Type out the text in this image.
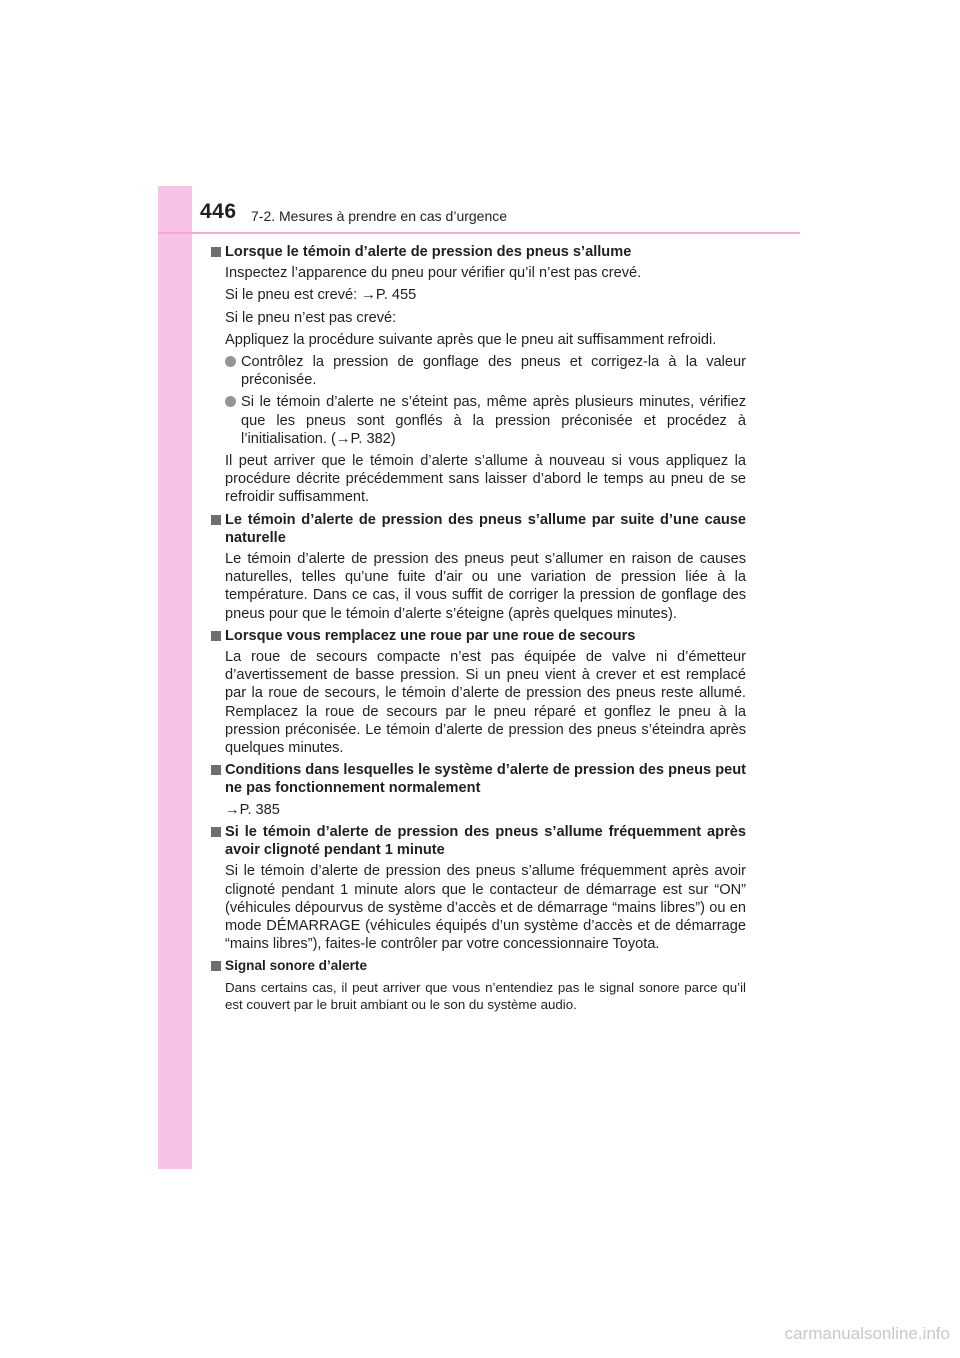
446 7-2. Mesures à prendre en cas d’urgence
Lorsque le témoin d’alerte de pression des pneus s’allume
Inspectez l’apparence du pneu pour vérifier qu’il n’est pas crevé.
Si le pneu est crevé: →P. 455
Si le pneu n’est pas crevé:
Appliquez la procédure suivante après que le pneu ait suffisamment refroidi.
Contrôlez la pression de gonflage des pneus et corrigez-la à la valeur préconisée.
Si le témoin d’alerte ne s’éteint pas, même après plusieurs minutes, vérifiez que les pneus sont gonflés à la pression préconisée et procédez à l’initialisation. (→P. 382)
Il peut arriver que le témoin d’alerte s’allume à nouveau si vous appliquez la procédure décrite précédemment sans laisser d’abord le temps au pneu de se refroidir suffisamment.
Le témoin d’alerte de pression des pneus s’allume par suite d’une cause naturelle
Le témoin d’alerte de pression des pneus peut s’allumer en raison de causes naturelles, telles qu’une fuite d’air ou une variation de pression liée à la température. Dans ce cas, il vous suffit de corriger la pression de gonflage des pneus pour que le témoin d’alerte s’éteigne (après quelques minutes).
Lorsque vous remplacez une roue par une roue de secours
La roue de secours compacte n’est pas équipée de valve ni d’émetteur d’avertissement de basse pression. Si un pneu vient à crever et est remplacé par la roue de secours, le témoin d’alerte de pression des pneus reste allumé. Remplacez la roue de secours par le pneu réparé et gonflez le pneu à la pression préconisée. Le témoin d’alerte de pression des pneus s’éteindra après quelques minutes.
Conditions dans lesquelles le système d’alerte de pression des pneus peut ne pas fonctionnement normalement
→P. 385
Si le témoin d’alerte de pression des pneus s’allume fréquemment après avoir clignoté pendant 1 minute
Si le témoin d’alerte de pression des pneus s’allume fréquemment après avoir clignoté pendant 1 minute alors que le contacteur de démarrage est sur “ON” (véhicules dépourvus de système d’accès et de démarrage “mains libres”) ou en mode DÉMARRAGE (véhicules équipés d’un système d’accès et de démarrage “mains libres”), faites-le contrôler par votre concessionnaire Toyota.
Signal sonore d’alerte
Dans certains cas, il peut arriver que vous n’entendiez pas le signal sonore parce qu’il est couvert par le bruit ambiant ou le son du système audio.
carmanualsonline.info
